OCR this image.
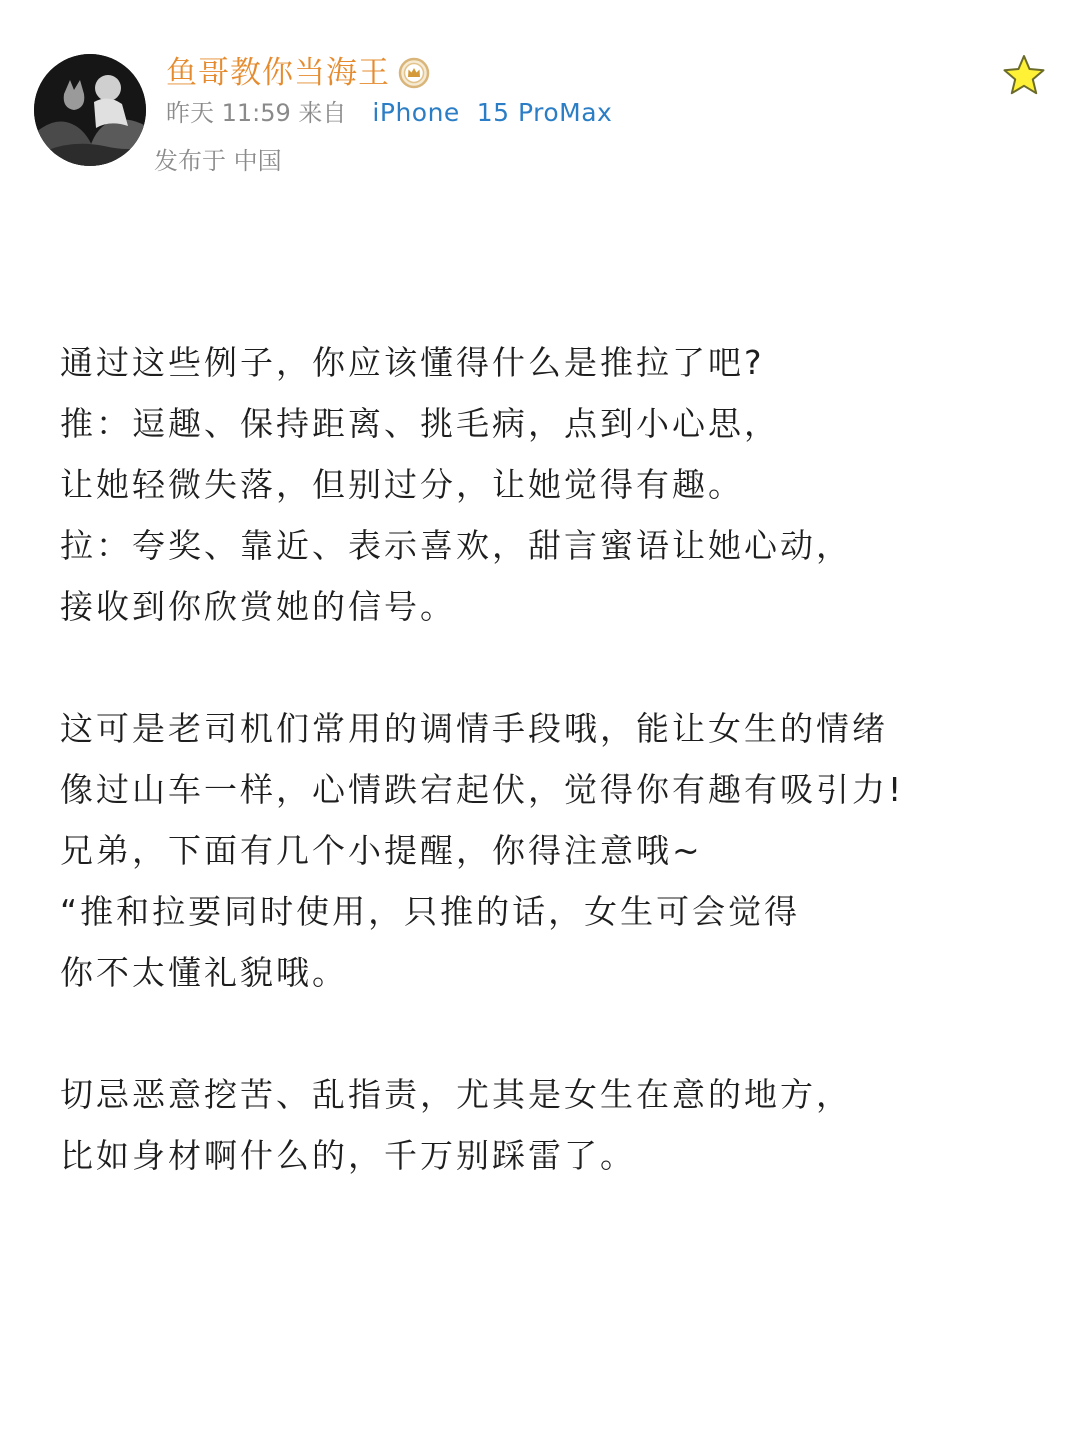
鱼哥教你当海王
昨天 11:59 来自 iPhone  15 ProMax
发布于 中国

通过这些例子，你应该懂得什么是推拉了吧?
推：逗趣、保持距离、挑毛病，点到小心思，
让她轻微失落，但别过分，让她觉得有趣。
拉：夸奖、靠近、表示喜欢，甜言蜜语让她心动，
接收到你欣赏她的信号。

这可是老司机们常用的调情手段哦，能让女生的情绪
像过山车一样，心情跌宕起伏，觉得你有趣有吸引力!
兄弟，下面有几个小提醒，你得注意哦~
“推和拉要同时使用，只推的话，女生可会觉得
你不太懂礼貌哦。

切忌恶意挖苦、乱指责，尤其是女生在意的地方，
比如身材啊什么的，千万别踩雷了。
